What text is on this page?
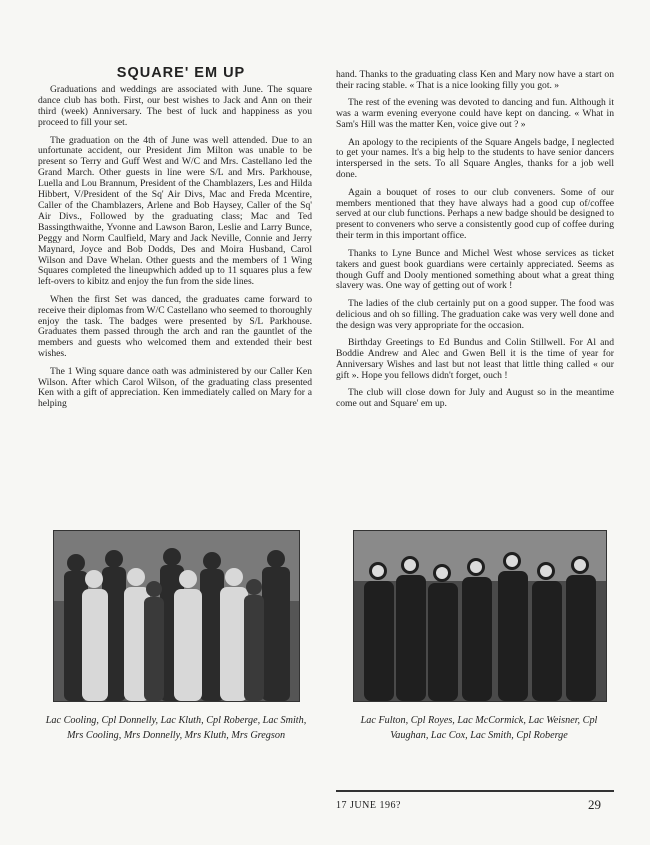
SQUARE' EM UP

Graduations and weddings are associated with June. The square dance club has both. First, our best wishes to Jack and Ann on their third (week) Anniversary. The best of luck and happiness as you proceed to fill your set.

The graduation on the 4th of June was well attended. Due to an unfortunate accident, our President Jim Milton was unable to be present so Terry and Guff West and W/C and Mrs. Castellano led the Grand March. Other guests in line were S/L and Mrs. Parkhouse, Luella and Lou Brannum, President of the Chamblazers, Les and Hilda Hibbert, V/President of the Sq' Air Divs, Mac and Freda Mcentire, Caller of the Chamblazers, Arlene and Bob Haysey, Caller of the Sq' Air Divs., Followed by the graduating class; Mac and Ted Bassingthwaithe, Yvonne and Lawson Baron, Leslie and Larry Bunce, Peggy and Norm Caulfield, Mary and Jack Neville, Connie and Jerry Maynard, Joyce and Bob Dodds, Des and Moira Husband, Carol Wilson and Dave Whelan. Other guests and the members of 1 Wing Squares completed the lineupwhich added up to 11 squares plus a few left-overs to kibitz and enjoy the fun from the side lines.

When the first Set was danced, the graduates came forward to receive their diplomas from W/C Castellano who seemed to thoroughly enjoy the task. The badges were presented by S/L Parkhouse. Graduates them passed through the arch and ran the gauntlet of the members and guests who welcomed them and extended their best wishes.

The 1 Wing square dance oath was administered by our Caller Ken Wilson. After which Carol Wilson, of the graduating class presented Ken with a gift of appreciation. Ken immediately called on Mary for a helping

hand. Thanks to the graduating class Ken and Mary now have a start on their racing stable. « That is a nice looking filly you got. »

The rest of the evening was devoted to dancing and fun. Although it was a warm evening everyone could have kept on dancing. « What in Sam's Hill was the matter Ken, voice give out ? »

An apology to the recipients of the Square Angels badge, I neglected to get your names. It's a big help to the students to have senior dancers interspersed in the sets. To all Square Angles, thanks for a job well done.

Again a bouquet of roses to our club conveners. Some of our members mentioned that they have always had a good cup of/coffee served at our club functions. Perhaps a new badge should be designed to present to conveners who serve a consistently good cup of coffee during their term in this important office.

Thanks to Lyne Bunce and Michel West whose services as ticket takers and guest book guardians were certainly appreciated. Seems as though Guff and Dooly mentioned something about what a great thing slavery was. One way of getting out of work !

The ladies of the club certainly put on a good supper. The food was delicious and oh so filling. The graduation cake was very well done and the design was very appropriate for the occasion.

Birthday Greetings to Ed Bundus and Colin Stillwell. For Al and Boddie Andrew and Alec and Gwen Bell it is the time of year for Anniversary Wishes and last but not least that little thing called « our gift ». Hope you fellows didn't forget, ouch !

The club will close down for July and August so in the meantime come out and Square' em up.

Lac Cooling, Cpl Donnelly, Lac Kluth, Cpl Roberge, Lac Smith, Mrs Cooling, Mrs Donnelly, Mrs Kluth, Mrs Gregson
Lac Fulton, Cpl Royes, Lac McCormick, Lac Weisner, Cpl Vaughan, Lac Cox, Lac Smith, Cpl Roberge
17 JUNE 196?	29
